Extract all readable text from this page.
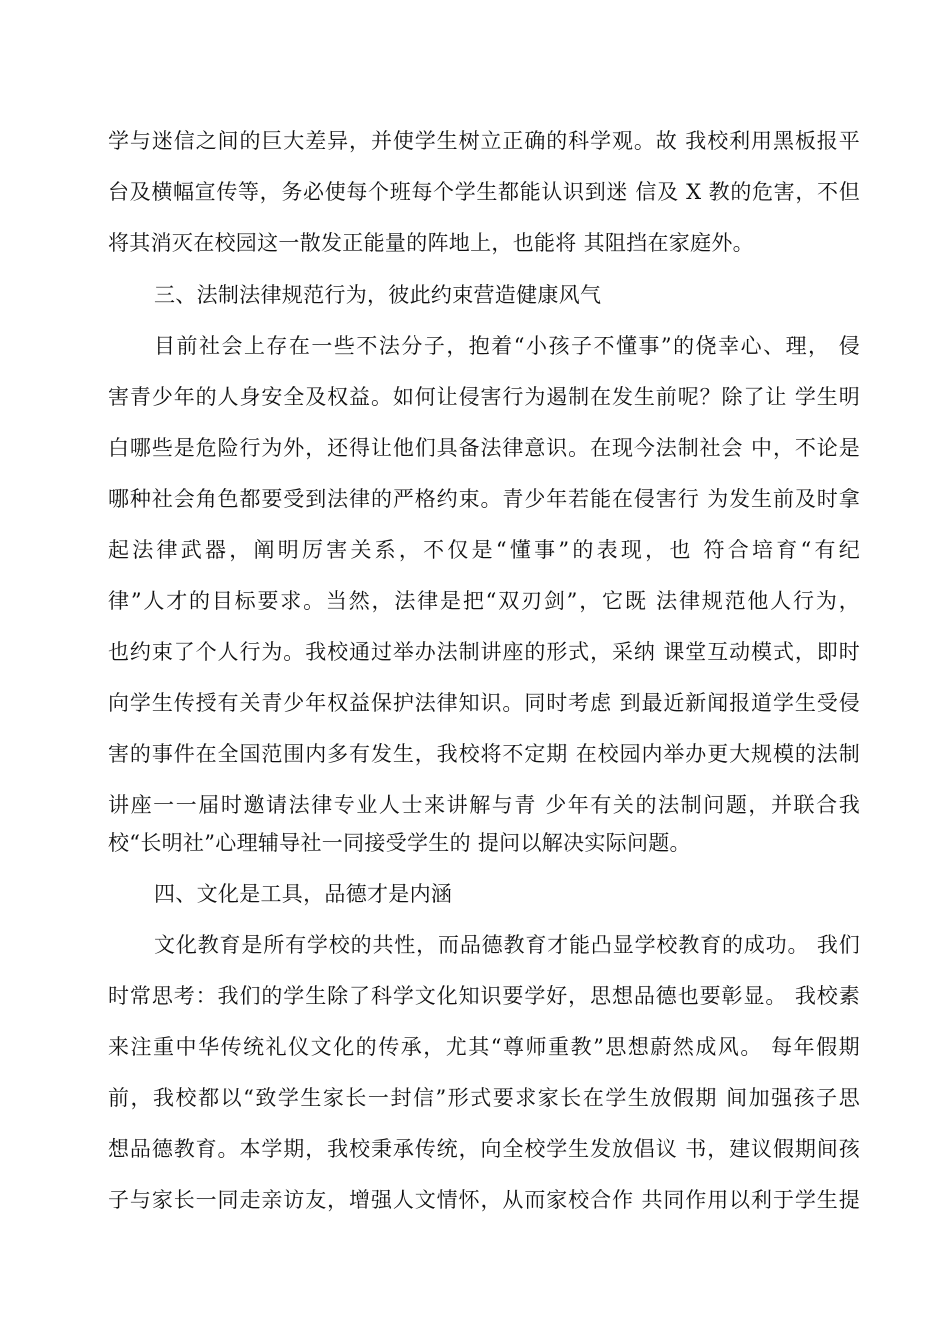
学与迷信之间的巨大差异，并使学生树立正确的科学观。故 我校利用黑板报平
台及横幅宣传等，务必使每个班每个学生都能认识到迷 信及 X 教的危害，不但
将其消灭在校园这一散发正能量的阵地上，也能将 其阻挡在家庭外。
三、法制法律规范行为，彼此约束营造健康风气
目前社会上存在一些不法分子，抱着“小孩子不懂事”的侥幸心、理， 侵
害青少年的人身安全及权益。如何让侵害行为遏制在发生前呢？除了让 学生明
白哪些是危险行为外，还得让他们具备法律意识。在现今法制社会 中，不论是
哪种社会角色都要受到法律的严格约束。青少年若能在侵害行 为发生前及时拿
起法律武器，阐明厉害关系，不仅是“懂事”的表现，也 符合培育“有纪
律”人才的目标要求。当然，法律是把“双刃剑”，它既 法律规范他人行为，
也约束了个人行为。我校通过举办法制讲座的形式，采纳 课堂互动模式，即时
向学生传授有关青少年权益保护法律知识。同时考虑 到最近新闻报道学生受侵
害的事件在全国范围内多有发生，我校将不定期 在校园内举办更大规模的法制
讲座一一届时邀请法律专业人士来讲解与青 少年有关的法制问题，并联合我
校“长明社”心理辅导社一同接受学生的 提问以解决实际问题。
四、文化是工具，品德才是内涵
文化教育是所有学校的共性，而品德教育才能凸显学校教育的成功。 我们
时常思考：我们的学生除了科学文化知识要学好，思想品德也要彰显。 我校素
来注重中华传统礼仪文化的传承，尤其“尊师重教”思想蔚然成风。 每年假期
前，我校都以“致学生家长一封信”形式要求家长在学生放假期 间加强孩子思
想品德教育。本学期，我校秉承传统，向全校学生发放倡议 书，建议假期间孩
子与家长一同走亲访友，增强人文情怀，从而家校合作 共同作用以利于学生提
